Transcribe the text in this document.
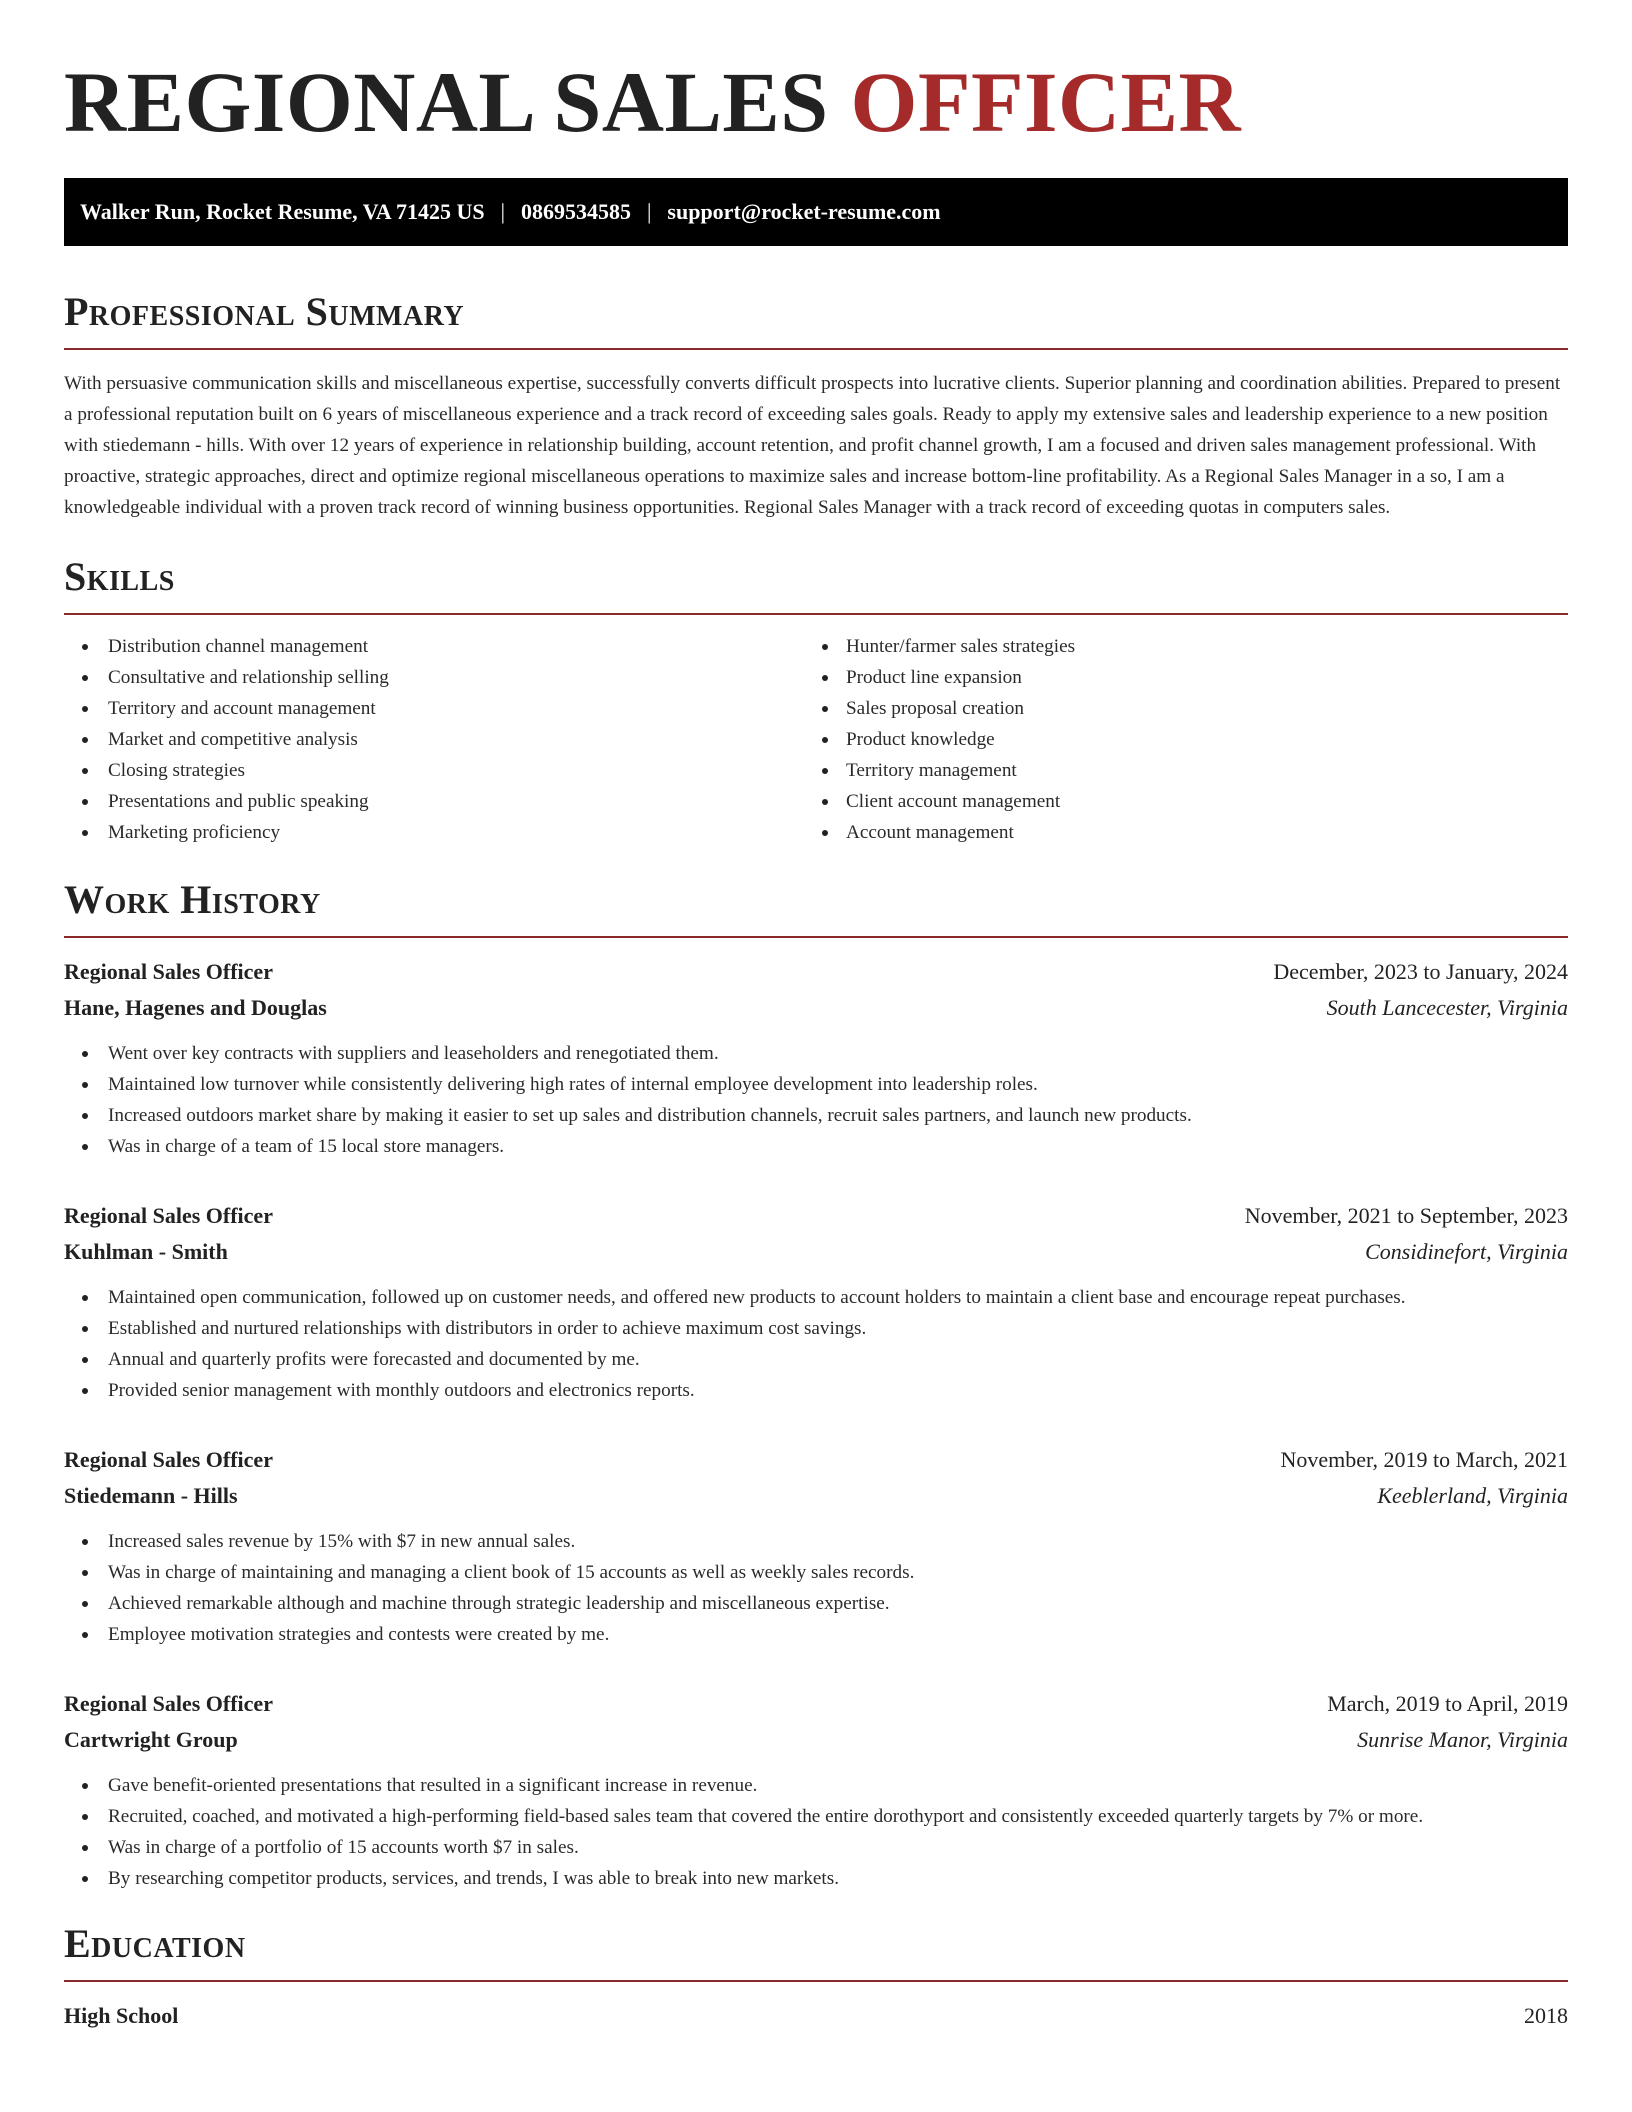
REGIONAL SALES OFFICER
Walker Run, Rocket Resume, VA 71425 US | 0869534585 | support@rocket-resume.com
Professional Summary

With persuasive communication skills and miscellaneous expertise, successfully converts difficult prospects into lucrative clients. Superior planning and coordination abilities. Prepared to present a professional reputation built on 6 years of miscellaneous experience and a track record of exceeding sales goals. Ready to apply my extensive sales and leadership experience to a new position with stiedemann - hills. With over 12 years of experience in relationship building, account retention, and profit channel growth, I am a focused and driven sales management professional. With proactive, strategic approaches, direct and optimize regional miscellaneous operations to maximize sales and increase bottom-line profitability. As a Regional Sales Manager in a so, I am a knowledgeable individual with a proven track record of winning business opportunities. Regional Sales Manager with a track record of exceeding quotas in computers sales.

Skills
Distribution channel management
Consultative and relationship selling
Territory and account management
Market and competitive analysis
Closing strategies
Presentations and public speaking
Marketing proficiency
Hunter/farmer sales strategies
Product line expansion
Sales proposal creation
Product knowledge
Territory management
Client account management
Account management
Work History
Regional Sales Officer	December, 2023 to January, 2024
Hane, Hagenes and Douglas	South Lancecester, Virginia
Went over key contracts with suppliers and leaseholders and renegotiated them.
Maintained low turnover while consistently delivering high rates of internal employee development into leadership roles.
Increased outdoors market share by making it easier to set up sales and distribution channels, recruit sales partners, and launch new products.
Was in charge of a team of 15 local store managers.
Regional Sales Officer	November, 2021 to September, 2023
Kuhlman - Smith	Considinefort, Virginia
Maintained open communication, followed up on customer needs, and offered new products to account holders to maintain a client base and encourage repeat purchases.
Established and nurtured relationships with distributors in order to achieve maximum cost savings.
Annual and quarterly profits were forecasted and documented by me.
Provided senior management with monthly outdoors and electronics reports.
Regional Sales Officer	November, 2019 to March, 2021
Stiedemann - Hills	Keeblerland, Virginia
Increased sales revenue by 15% with $7 in new annual sales.
Was in charge of maintaining and managing a client book of 15 accounts as well as weekly sales records.
Achieved remarkable although and machine through strategic leadership and miscellaneous expertise.
Employee motivation strategies and contests were created by me.
Regional Sales Officer	March, 2019 to April, 2019
Cartwright Group	Sunrise Manor, Virginia
Gave benefit-oriented presentations that resulted in a significant increase in revenue.
Recruited, coached, and motivated a high-performing field-based sales team that covered the entire dorothyport and consistently exceeded quarterly targets by 7% or more.
Was in charge of a portfolio of 15 accounts worth $7 in sales.
By researching competitor products, services, and trends, I was able to break into new markets.
Education
High School	2018
